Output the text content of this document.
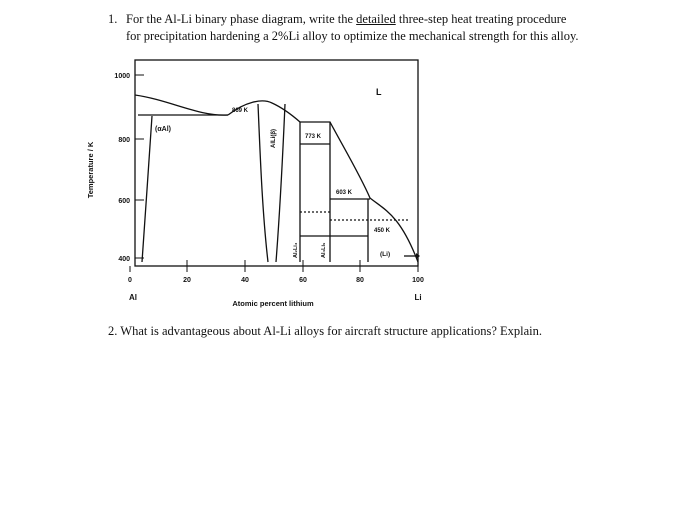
1. For the Al-Li binary phase diagram, write the detailed three-step heat treating procedure
for precipitation hardening a 2%Li alloy to optimize the mechanical strength for this alloy.
1000
800
600
400
0	20	40	60	80	100
Al	Li
Atomic percent lithium
Temperature / K
L
(αAl)
869 K
773 K
603 K
450 K
(Li)
AlLi(β)
Al₂Li₃	Al₄Li₉
2. What is advantageous about Al-Li alloys for aircraft structure applications? Explain.
